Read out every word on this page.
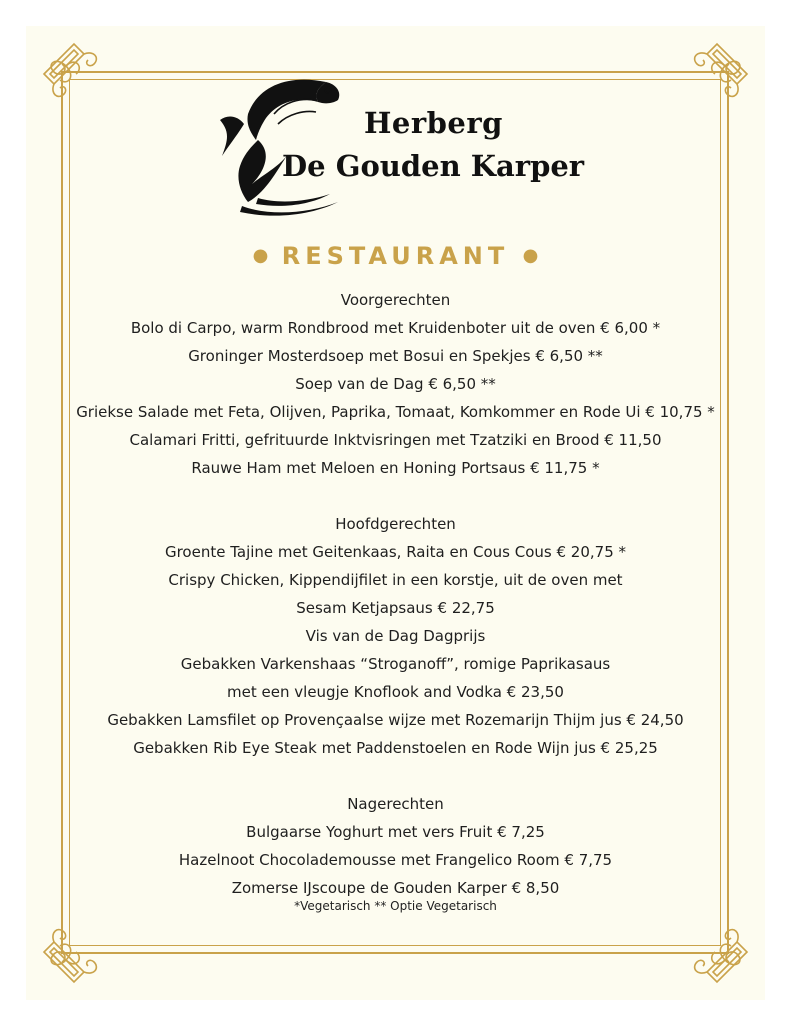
Herberg
De Gouden Karper
● RESTAURANT ●
Voorgerechten
Bolo di Carpo, warm Rondbrood met Kruidenboter uit de oven € 6,00 *
Groninger Mosterdsoep met Bosui en Spekjes € 6,50 **
Soep van de Dag € 6,50 **
Griekse Salade met Feta, Olijven, Paprika, Tomaat, Komkommer en Rode Ui € 10,75 *
Calamari Fritti, gefrituurde Inktvisringen met Tzatziki en Brood € 11,50
Rauwe Ham met Meloen en Honing Portsaus € 11,75 *
Hoofdgerechten
Groente Tajine met Geitenkaas, Raita en Cous Cous € 20,75 *
Crispy Chicken, Kippendijfilet in een korstje, uit de oven met
Sesam Ketjapsaus € 22,75
Vis van de Dag Dagprijs
Gebakken Varkenshaas “Stroganoff”, romige Paprikasaus
met een vleugje Knoflook and Vodka € 23,50
Gebakken Lamsfilet op Provençaalse wijze met Rozemarijn Thijm jus € 24,50
Gebakken Rib Eye Steak met Paddenstoelen en Rode Wijn jus € 25,25
Nagerechten
Bulgaarse Yoghurt met vers Fruit € 7,25
Hazelnoot Chocolademousse met Frangelico Room € 7,75
Zomerse IJscoupe de Gouden Karper € 8,50
*Vegetarisch ** Optie Vegetarisch
